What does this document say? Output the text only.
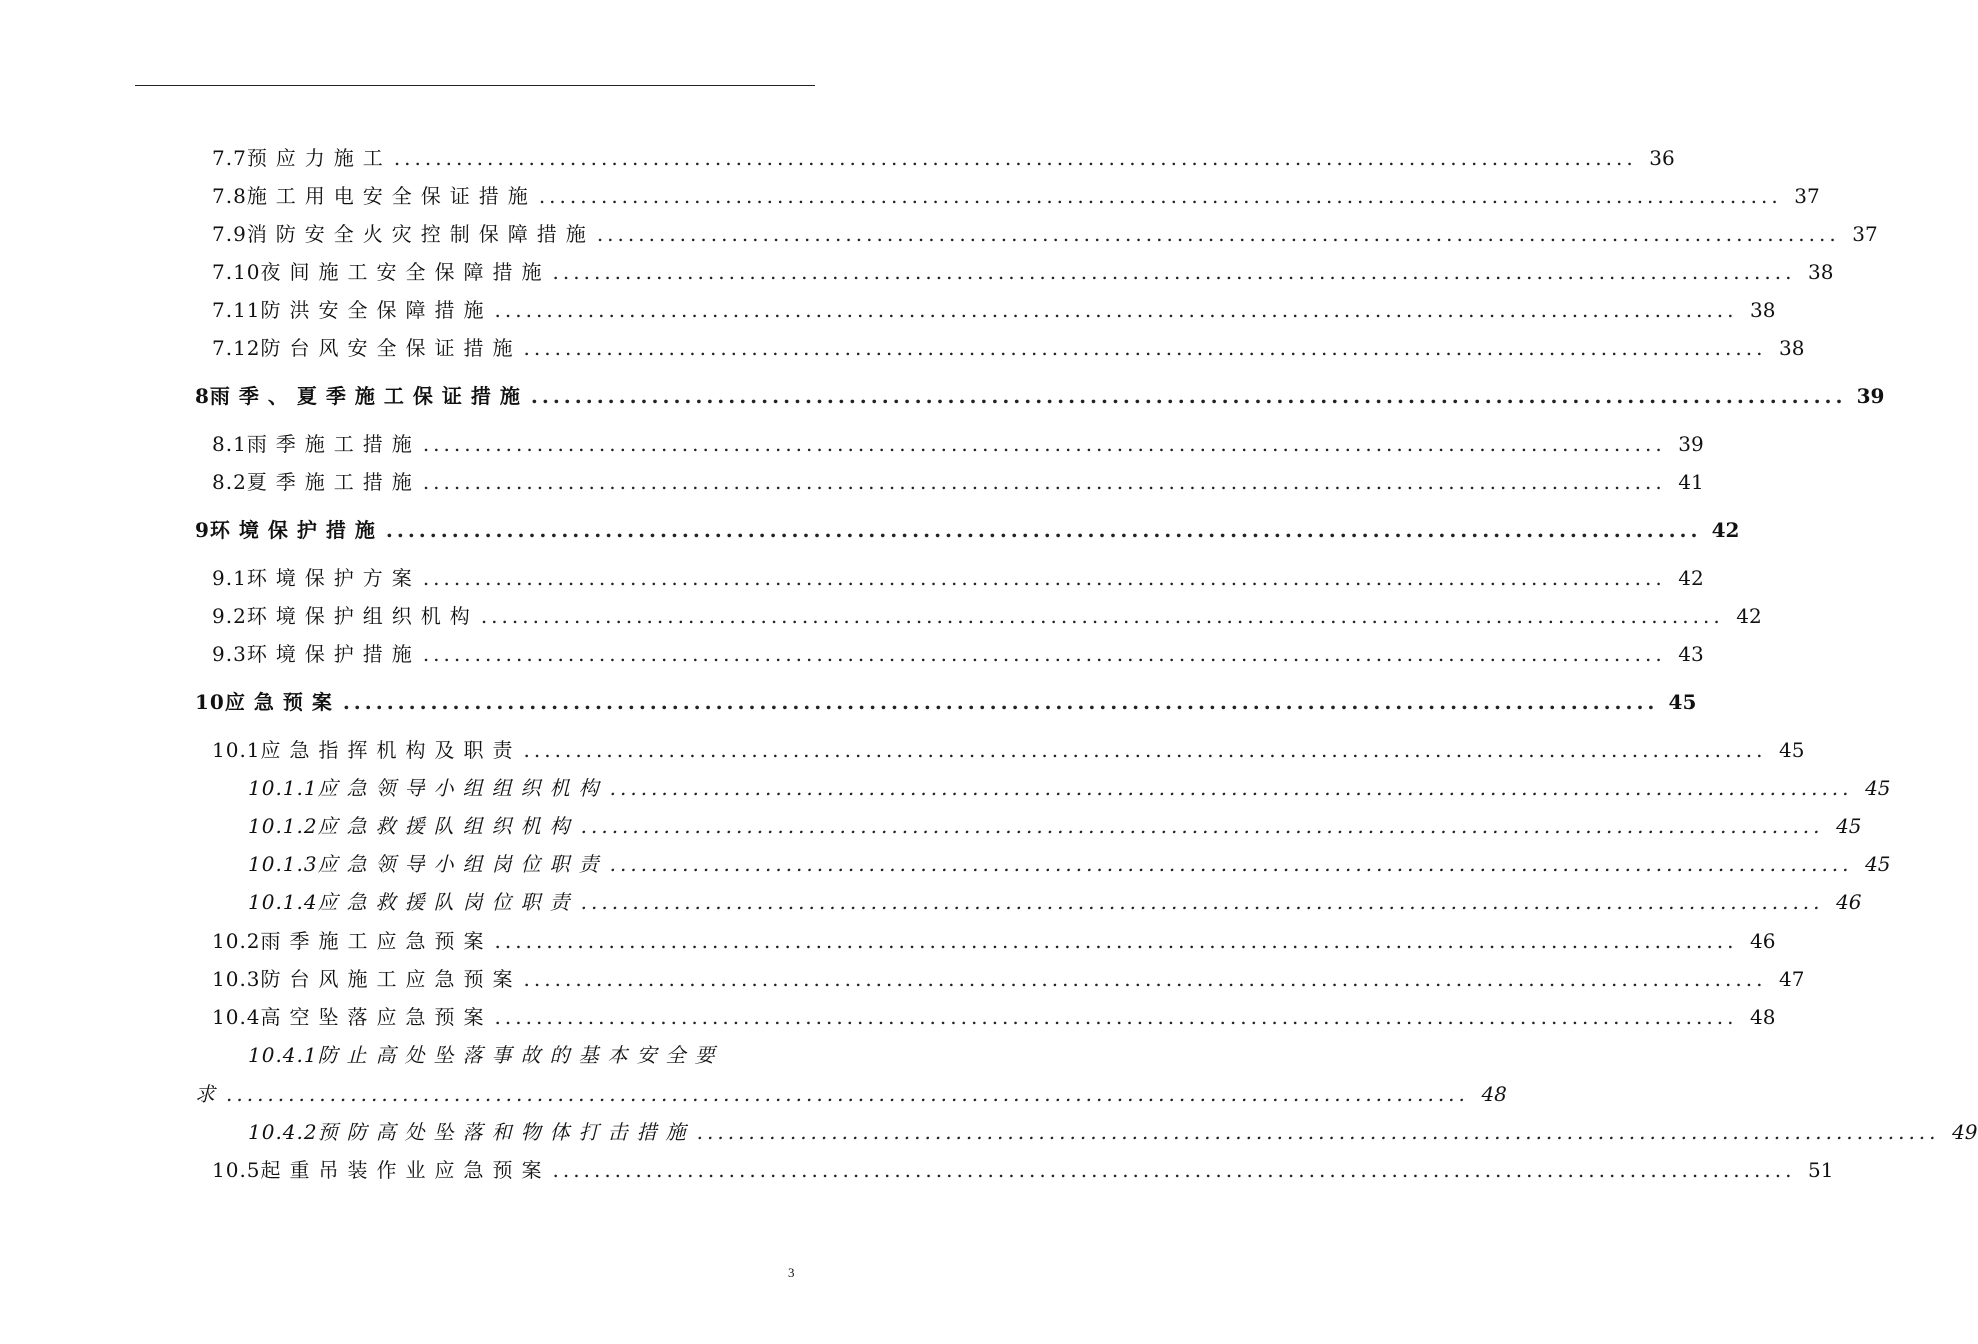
7.7 预应力施工 ........................................................................................................................ 36
7.8 施工用电安全保证措施 ........................................................................................................................ 37
7.9 消防安全火灾控制保障措施 ........................................................................................................................ 37
7.10 夜间施工安全保障措施 ........................................................................................................................ 38
7.11 防洪安全保障措施 ........................................................................................................................ 38
7.12 防台风安全保证措施 ........................................................................................................................ 38
8 雨季、夏季施工保证措施 ........................................................................................................................ 39
8.1 雨季施工措施 ........................................................................................................................ 39
8.2 夏季施工措施 ........................................................................................................................ 41
9 环境保护措施 ........................................................................................................................ 42
9.1 环境保护方案 ........................................................................................................................ 42
9.2 环境保护组织机构 ........................................................................................................................ 42
9.3 环境保护措施 ........................................................................................................................ 43
10 应急预案 ........................................................................................................................ 45
10.1 应急指挥机构及职责 ........................................................................................................................ 45
10.1.1 应急领导小组组织机构 ........................................................................................................................ 45
10.1.2 应急救援队组织机构 ........................................................................................................................ 45
10.1.3 应急领导小组岗位职责 ........................................................................................................................ 45
10.1.4 应急救援队岗位职责 ........................................................................................................................ 46
10.2 雨季施工应急预案 ........................................................................................................................ 46
10.3 防台风施工应急预案 ........................................................................................................................ 47
10.4 高空坠落应急预案 ........................................................................................................................ 48
10.4.1 防止高处坠落事故的基本安全要
求 ........................................................................................................................ 48
10.4.2 预防高处坠落和物体打击措施 ........................................................................................................................ 49
10.5 起重吊装作业应急预案 ........................................................................................................................ 51
3
